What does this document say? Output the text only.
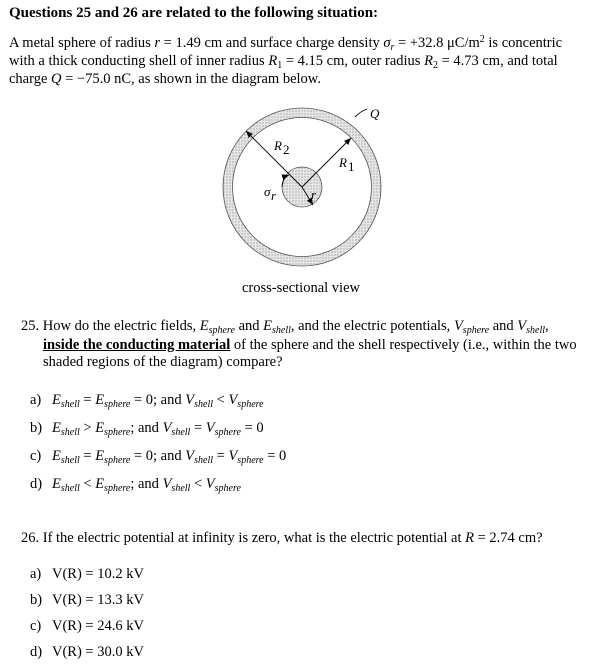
Questions 25 and 26 are related to the following situation:
A metal sphere of radius r = 1.49 cm and surface charge density $\sigma_r = +32.8$ $\mu C/m^2$ is concentric
with a thick conducting shell of inner radius $R_1 = 4.15$ cm, outer radius $R_2 = 4.73$ cm, and total
charge Q = −75.0 nC, as shown in the diagram below.
Q
R 2
R 1
σ r	r
cross-sectional view
25. How do the electric fields, $E_{sphere}$ and $E_{shell}$, and the electric potentials, $V_{sphere}$ and $V_{shell}$,
inside the conducting material of the sphere and the shell respectively (i.e., within the two
shaded regions of the diagram) compare?
a) $E_{shell} = E_{sphere} = 0$; and $V_{shell} < V_{sphere}$
b) $E_{shell} > E_{sphere}$; and $V_{shell} = V_{sphere} = 0$
c) $E_{shell} = E_{sphere} = 0$; and $V_{shell} = V_{sphere} = 0$
d) $E_{shell} < E_{sphere}$; and $V_{shell} < V_{sphere}$
26. If the electric potential at infinity is zero, what is the electric potential at R = 2.74 cm?
a) V(R) = 10.2 kV
b) V(R) = 13.3 kV
c) V(R) = 24.6 kV
d) V(R) = 30.0 kV
